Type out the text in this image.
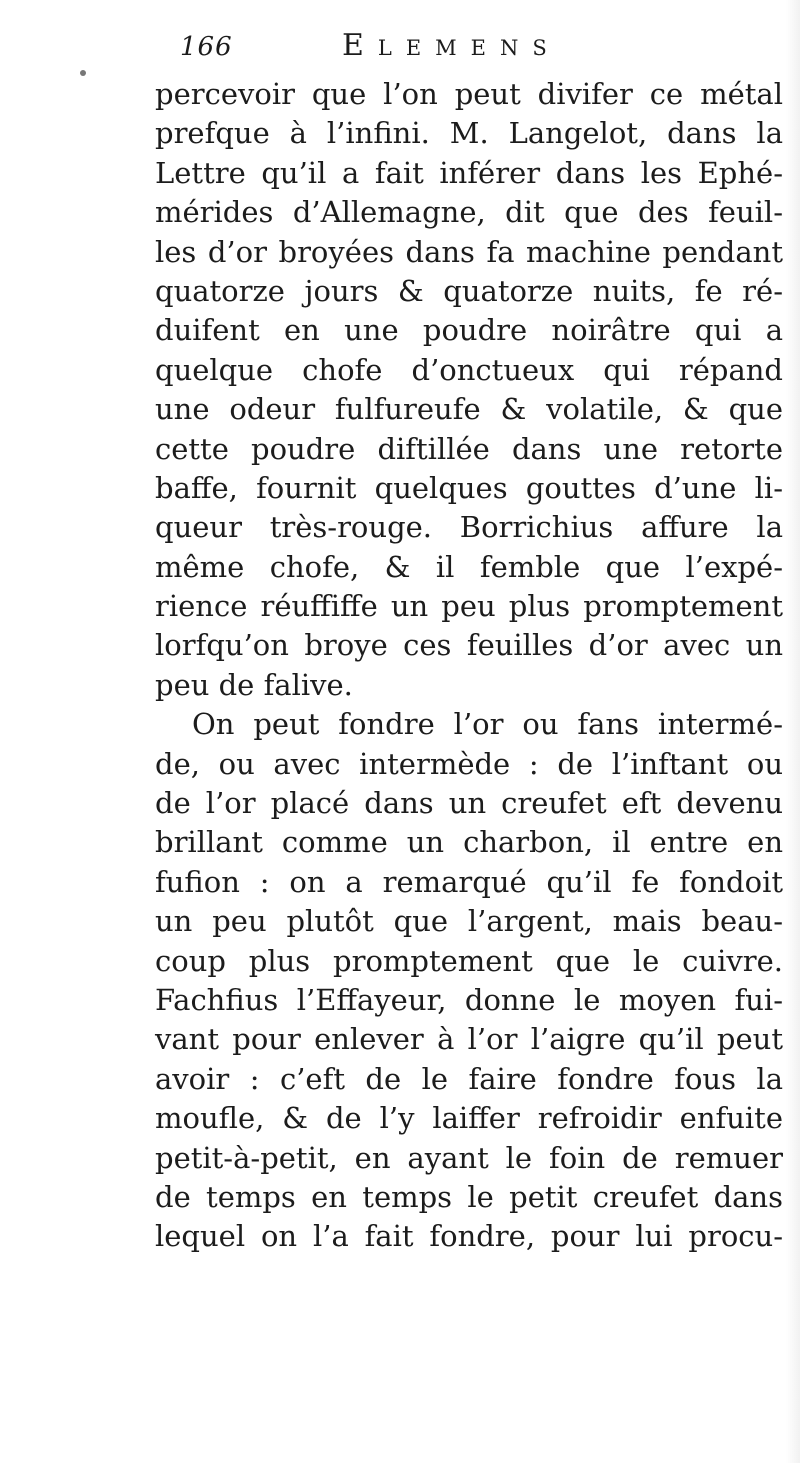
166	Elemens
percevoir que l’on peut divifer ce métal
prefque à l’infini. M. Langelot, dans la
Lettre qu’il a fait inférer dans les Ephé-
mérides d’Allemagne, dit que des feuil-
les d’or broyées dans fa machine pendant
quatorze jours & quatorze nuits, fe ré-
duifent en une poudre noirâtre qui a
quelque chofe d’onctueux qui répand
une odeur fulfureufe & volatile, & que
cette poudre diftillée dans une retorte
baffe, fournit quelques gouttes d’une li-
queur très-rouge. Borrichius affure la
même chofe, & il femble que l’expé-
rience réuffiffe un peu plus promptement
lorfqu’on broye ces feuilles d’or avec un
peu de falive.
On peut fondre l’or ou fans intermé-
de, ou avec intermède : de l’inftant ou
de l’or placé dans un creufet eft devenu
brillant comme un charbon, il entre en
fufion : on a remarqué qu’il fe fondoit
un peu plutôt que l’argent, mais beau-
coup plus promptement que le cuivre.
Fachfius l’Effayeur, donne le moyen fui-
vant pour enlever à l’or l’aigre qu’il peut
avoir : c’eft de le faire fondre fous la
moufle, & de l’y laiffer refroidir enfuite
petit-à-petit, en ayant le foin de remuer
de temps en temps le petit creufet dans
lequel on l’a fait fondre, pour lui procu-
